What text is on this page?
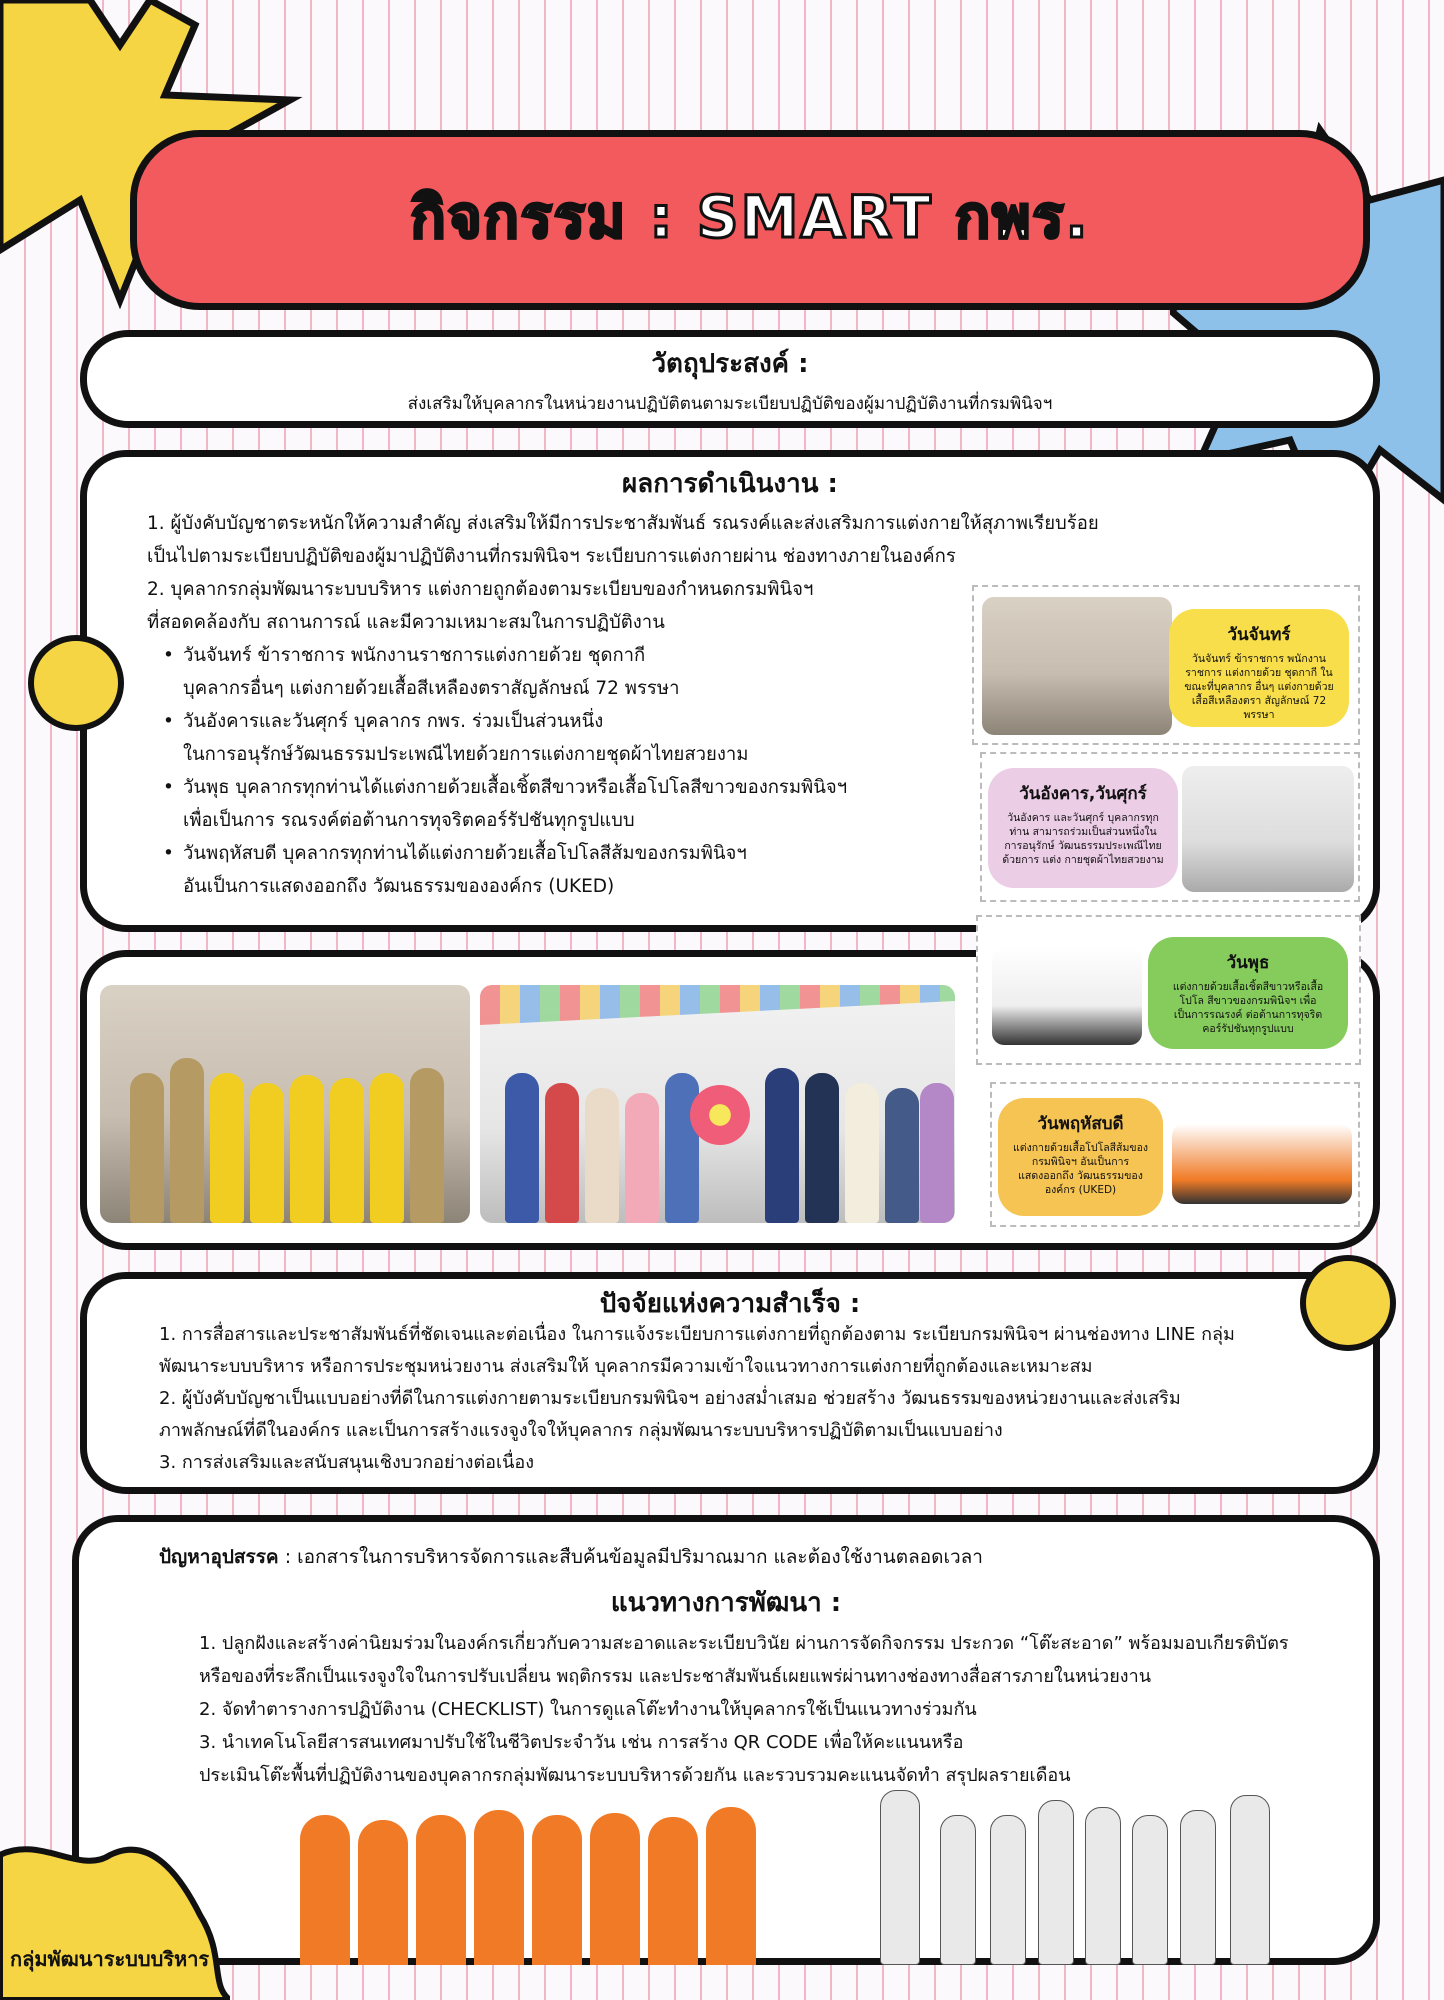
กิจกรรม : SMART กพร.
วัตถุประสงค์ :
ส่งเสริมให้บุคลากรในหน่วยงานปฏิบัติตนตามระเบียบปฏิบัติของผู้มาปฏิบัติงานที่กรมพินิจฯ
ผลการดำเนินงาน :

1. ผู้บังคับบัญชาตระหนักให้ความสำคัญ ส่งเสริมให้มีการประชาสัมพันธ์ รณรงค์และส่งเสริมการแต่งกายให้สุภาพเรียบร้อย

เป็นไปตามระเบียบปฏิบัติของผู้มาปฏิบัติงานที่กรมพินิจฯ ระเบียบการแต่งกายผ่าน ช่องทางภายในองค์กร

2. บุคลากรกลุ่มพัฒนาระบบบริหาร แต่งกายถูกต้องตามระเบียบของกำหนดกรมพินิจฯ

ที่สอดคล้องกับ สถานการณ์ และมีความเหมาะสมในการปฏิบัติงาน

• วันจันทร์ ข้าราชการ พนักงานราชการแต่งกายด้วย ชุดกากี

บุคลากรอื่นๆ แต่งกายด้วยเสื้อสีเหลืองตราสัญลักษณ์ 72 พรรษา

• วันอังคารและวันศุกร์ บุคลากร กพร. ร่วมเป็นส่วนหนึ่ง

ในการอนุรักษ์วัฒนธรรมประเพณีไทยด้วยการแต่งกายชุดผ้าไทยสวยงาม

• วันพุธ บุคลากรทุกท่านได้แต่งกายด้วยเสื้อเชิ้ตสีขาวหรือเสื้อโปโลสีขาวของกรมพินิจฯ

เพื่อเป็นการ รณรงค์ต่อต้านการทุจริตคอร์รัปชันทุกรูปแบบ

• วันพฤหัสบดี บุคลากรทุกท่านได้แต่งกายด้วยเสื้อโปโลสีส้มของกรมพินิจฯ

อันเป็นการแสดงออกถึง วัฒนธรรมขององค์กร (UKED)

วันจันทร์
วันจันทร์ ข้าราชการ พนักงานราชการ แต่งกายด้วย ชุดกากี ในขณะที่บุคลากร อื่นๆ แต่งกายด้วยเสื้อสีเหลืองตรา สัญลักษณ์ 72 พรรษา
วันอังคาร,วันศุกร์
วันอังคาร และวันศุกร์ บุคลากรทุกท่าน สามารถร่วมเป็นส่วนหนึ่งในการอนุรักษ์ วัฒนธรรมประเพณีไทย ด้วยการ แต่ง กายชุดผ้าไทยสวยงาม
วันพุธ
แต่งกายด้วยเสื้อเชิ้ตสีขาวหรือเสื้อโปโล สีขาวของกรมพินิจฯ เพื่อเป็นการรณรงค์ ต่อต้านการทุจริตคอร์รัปชันทุกรูปแบบ
วันพฤหัสบดี
แต่งกายด้วยเสื้อโปโลสีส้มของ กรมพินิจฯ อันเป็นการแสดงออกถึง วัฒนธรรมของ องค์กร (UKED)
ปัจจัยแห่งความสำเร็จ :

1. การสื่อสารและประชาสัมพันธ์ที่ชัดเจนและต่อเนื่อง ในการแจ้งระเบียบการแต่งกายที่ถูกต้องตาม ระเบียบกรมพินิจฯ ผ่านช่องทาง LINE กลุ่ม

พัฒนาระบบบริหาร หรือการประชุมหน่วยงาน ส่งเสริมให้ บุคลากรมีความเข้าใจแนวทางการแต่งกายที่ถูกต้องและเหมาะสม

2. ผู้บังคับบัญชาเป็นแบบอย่างที่ดีในการแต่งกายตามระเบียบกรมพินิจฯ อย่างสม่ำเสมอ ช่วยสร้าง วัฒนธรรมของหน่วยงานและส่งเสริม

ภาพลักษณ์ที่ดีในองค์กร และเป็นการสร้างแรงจูงใจให้บุคลากร กลุ่มพัฒนาระบบบริหารปฏิบัติตามเป็นแบบอย่าง

3. การส่งเสริมและสนับสนุนเชิงบวกอย่างต่อเนื่อง

ปัญหาอุปสรรค : เอกสารในการบริหารจัดการและสืบค้นข้อมูลมีปริมาณมาก และต้องใช้งานตลอดเวลา
แนวทางการพัฒนา :

1. ปลูกฝังและสร้างค่านิยมร่วมในองค์กรเกี่ยวกับความสะอาดและระเบียบวินัย ผ่านการจัดกิจกรรม ประกวด “โต๊ะสะอาด” พร้อมมอบเกียรติบัตร

หรือของที่ระลึกเป็นแรงจูงใจในการปรับเปลี่ยน พฤติกรรม และประชาสัมพันธ์เผยแพร่ผ่านทางช่องทางสื่อสารภายในหน่วยงาน

2. จัดทำตารางการปฏิบัติงาน (CHECKLIST) ในการดูแลโต๊ะทำงานให้บุคลากรใช้เป็นแนวทางร่วมกัน

3. นำเทคโนโลยีสารสนเทศมาปรับใช้ในชีวิตประจำวัน เช่น การสร้าง QR CODE เพื่อให้คะแนนหรือ

ประเมินโต๊ะพื้นที่ปฏิบัติงานของบุคลากรกลุ่มพัฒนาระบบบริหารด้วยกัน และรวบรวมคะแนนจัดทำ สรุปผลรายเดือน

กลุ่มพัฒนาระบบบริหาร
